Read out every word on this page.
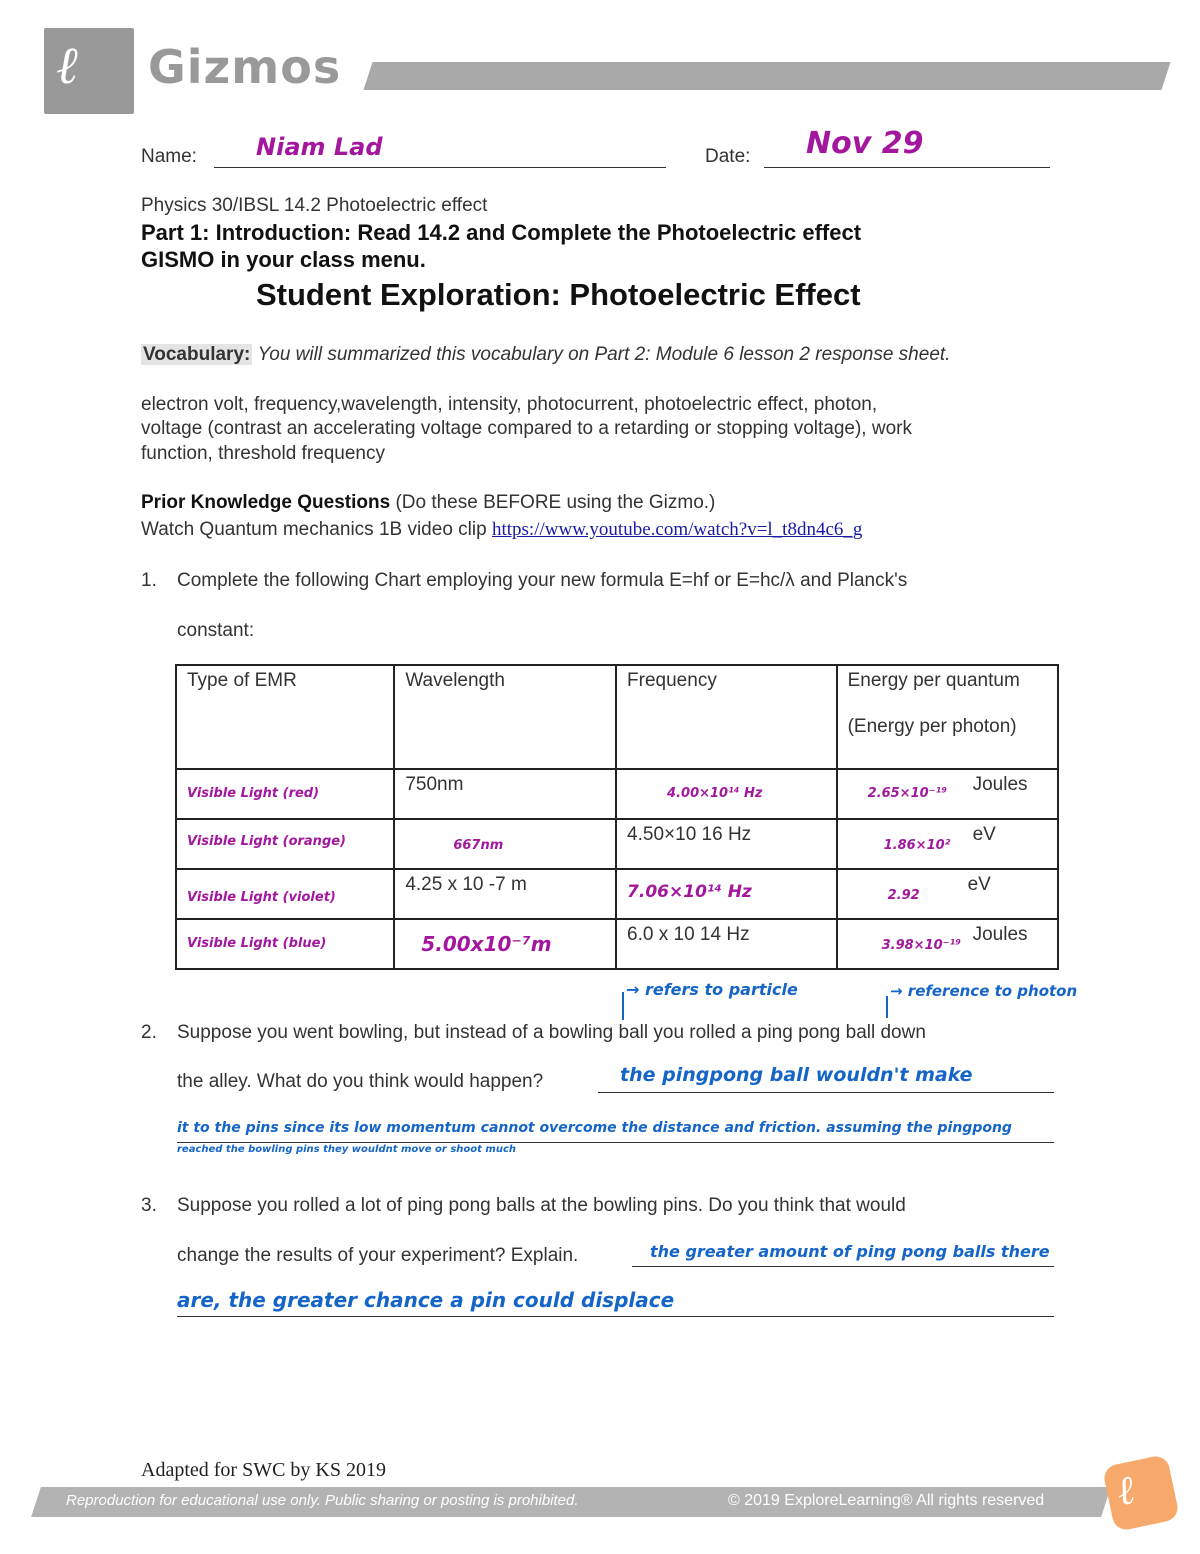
ℓ Gizmos
Name: Niam Lad	Date: Nov 29
Physics 30/IBSL 14.2 Photoelectric effect
Part 1: Introduction: Read 14.2 and Complete the Photoelectric effect
GISMO in your class menu.
Student Exploration: Photoelectric Effect
Vocabulary: You will summarized this vocabulary on Part 2: Module 6 lesson 2 response sheet.
electron volt, frequency,wavelength, intensity, photocurrent, photoelectric effect, photon,
voltage (contrast an accelerating voltage compared to a retarding or stopping voltage), work
function, threshold frequency
Prior Knowledge Questions (Do these BEFORE using the Gizmo.)
Watch Quantum mechanics 1B video clip https://www.youtube.com/watch?v=l_t8dn4c6_g
1. Complete the following Chart employing your new formula E=hf or E=hc/λ and Planck's
constant:
Type of EMR	Wavelength	Frequency	Energy per quantum
(Energy per photon)

Visible Light (red)	750nm	4.00×10¹⁴ Hz	2.65×10⁻¹⁹ Joules

Visible Light (orange)	667nm	4.50×10 16 Hz	1.86×10²
eV

Visible Light (violet)	4.25 x 10 -7 m	7.06×10¹⁴ Hz	2.92
eV

Visible Light (blue)	5.00x10⁻⁷m	6.0 x 10 14 Hz	3.98×10⁻¹⁹
Joules
→ refers to particle	→ reference to photon
2. Suppose you went bowling, but instead of a bowling ball you rolled a ping pong ball down
the alley. What do you think would happen?	the pingpong ball wouldn't make
it to the pins since its low momentum cannot overcome the distance and friction. assuming the pingpong
reached the bowling pins they wouldnt move or shoot much
3. Suppose you rolled a lot of ping pong balls at the bowling pins. Do you think that would
change the results of your experiment? Explain.	the greater amount of ping pong balls there
are, the greater chance a pin could displace
Adapted for SWC by KS 2019
Reproduction for educational use only. Public sharing or posting is prohibited.	© 2019 ExploreLearning® All rights reserved ℓ
